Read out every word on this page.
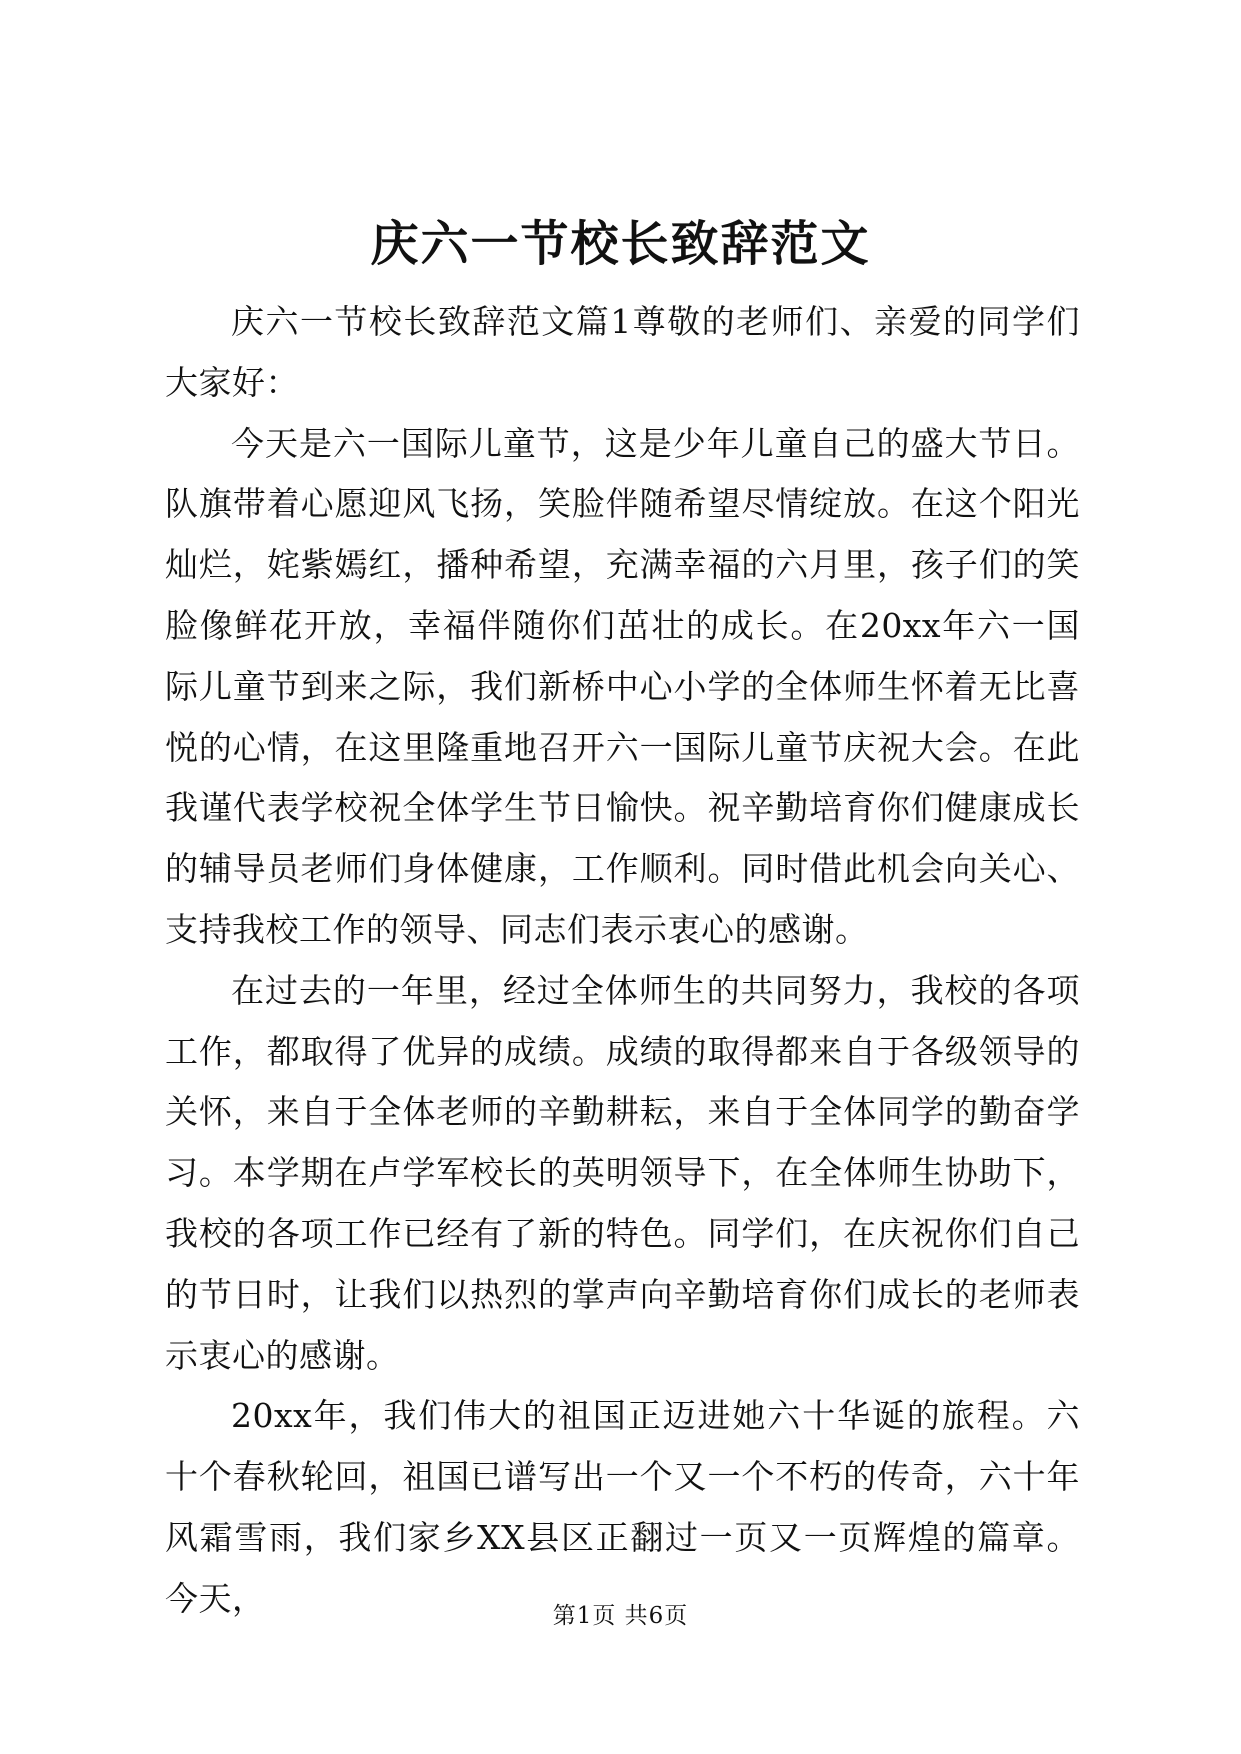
庆六一节校长致辞范文

庆六一节校长致辞范文篇1尊敬的老师们、亲爱的同学们大家好：

今天是六一国际儿童节，这是少年儿童自己的盛大节日。队旗带着心愿迎风飞扬，笑脸伴随希望尽情绽放。在这个阳光灿烂，姹紫嫣红，播种希望，充满幸福的六月里，孩子们的笑脸像鲜花开放，幸福伴随你们茁壮的成长。在20xx年六一国际儿童节到来之际，我们新桥中心小学的全体师生怀着无比喜悦的心情，在这里隆重地召开六一国际儿童节庆祝大会。在此我谨代表学校祝全体学生节日愉快。祝辛勤培育你们健康成长的辅导员老师们身体健康，工作顺利。同时借此机会向关心、支持我校工作的领导、同志们表示衷心的感谢。

在过去的一年里，经过全体师生的共同努力，我校的各项工作，都取得了优异的成绩。成绩的取得都来自于各级领导的关怀，来自于全体老师的辛勤耕耘，来自于全体同学的勤奋学习。本学期在卢学军校长的英明领导下，在全体师生协助下，我校的各项工作已经有了新的特色。同学们，在庆祝你们自己的节日时，让我们以热烈的掌声向辛勤培育你们成长的老师表示衷心的感谢。

20xx年，我们伟大的祖国正迈进她六十华诞的旅程。六十个春秋轮回，祖国已谱写出一个又一个不朽的传奇，六十年风霜雪雨，我们家乡XX县区正翻过一页又一页辉煌的篇章。今天，	第1页 共6页
